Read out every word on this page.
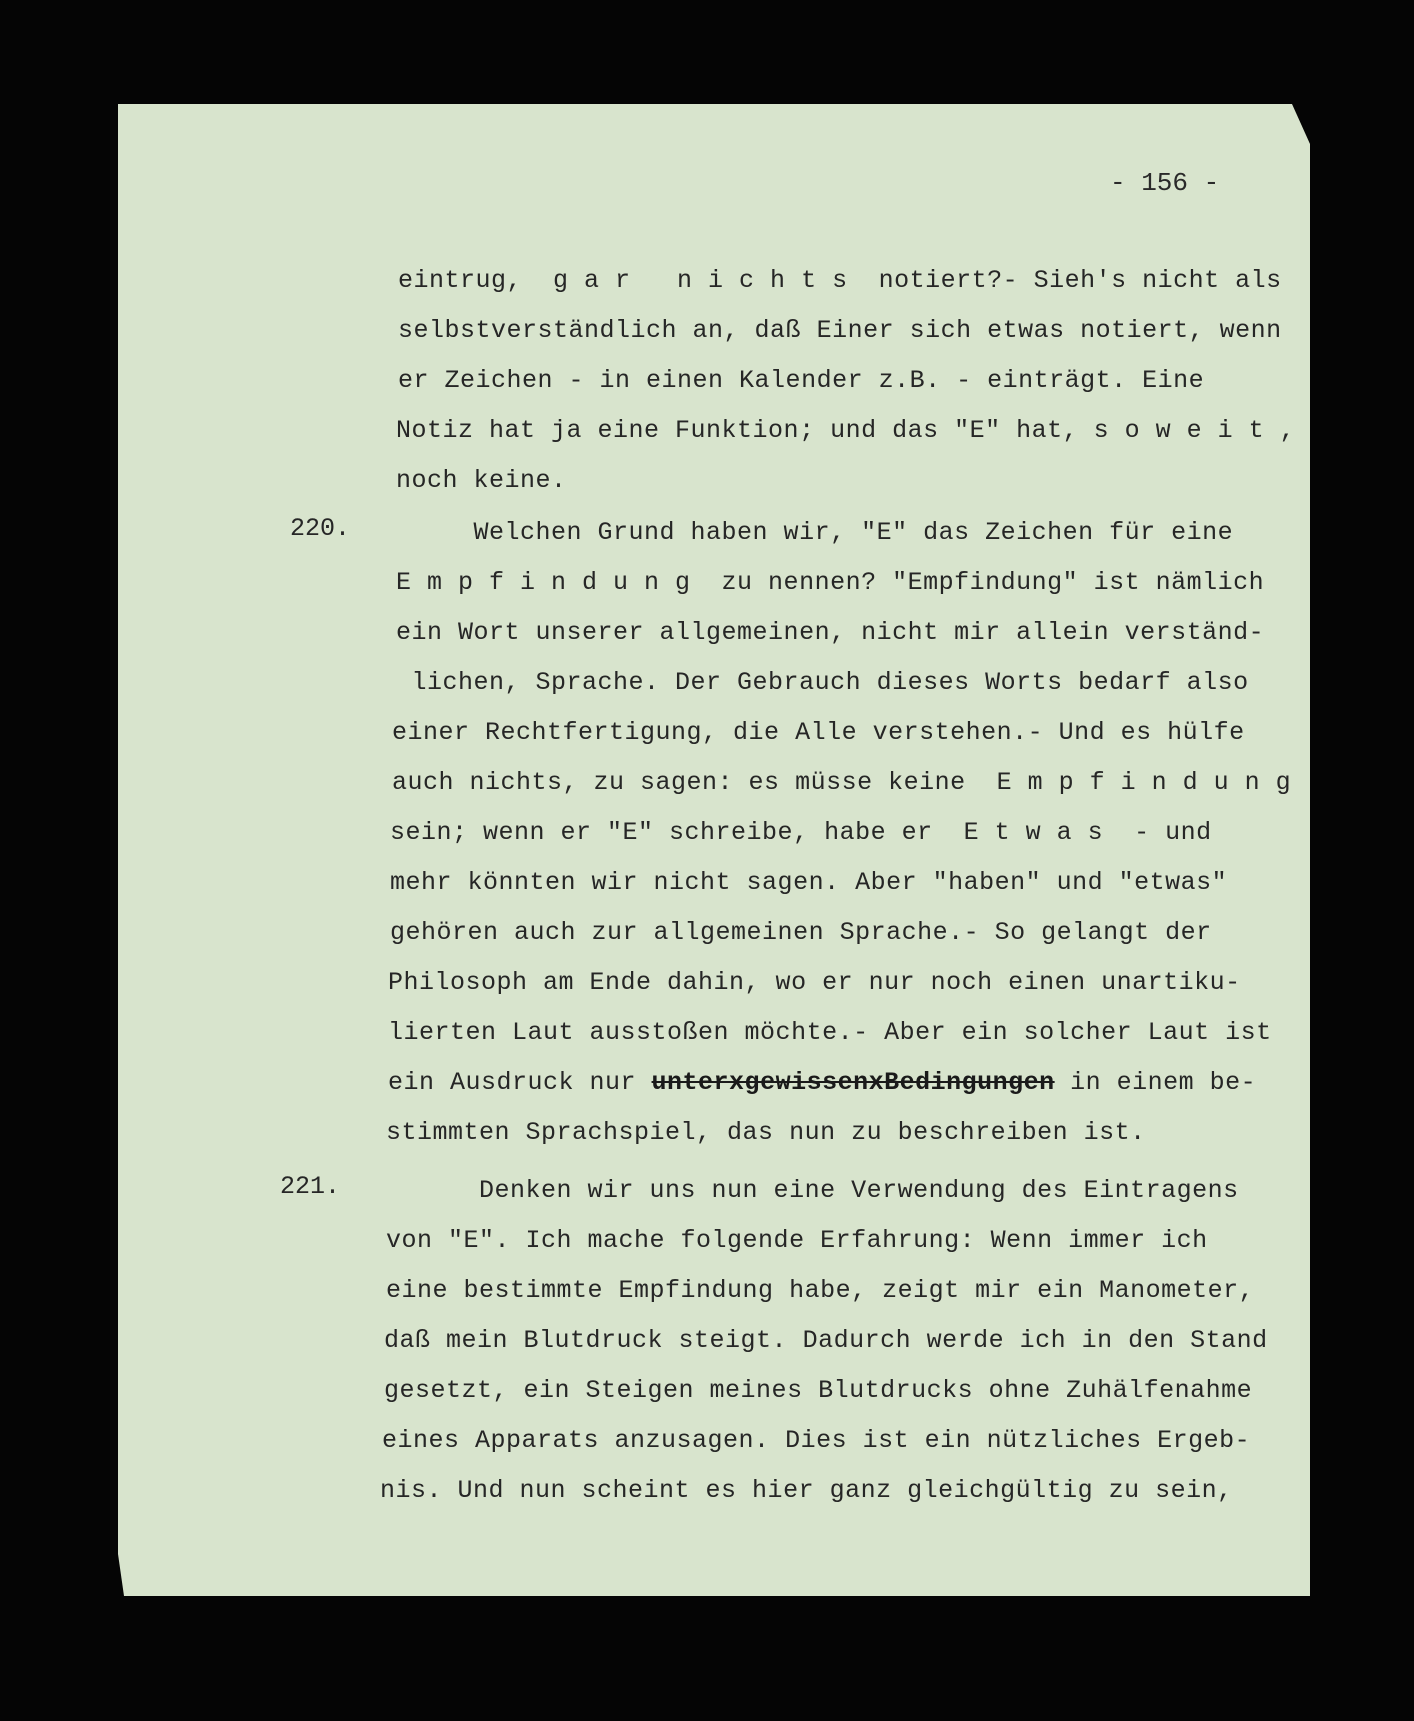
- 156 -
220.
221.
eintrug,  g a r   n i c h t s  notiert?- Sieh's nicht als
selbstverständlich an, daß Einer sich etwas notiert, wenn
er Zeichen - in einen Kalender z.B. - einträgt. Eine
Notiz hat ja eine Funktion; und das "E" hat, s o w e i t ,
noch keine.
Welchen Grund haben wir, "E" das Zeichen für eine
E m p f i n d u n g  zu nennen? "Empfindung" ist nämlich
ein Wort unserer allgemeinen, nicht mir allein verständ-
lichen, Sprache. Der Gebrauch dieses Worts bedarf also
einer Rechtfertigung, die Alle verstehen.- Und es hülfe
auch nichts, zu sagen: es müsse keine  E m p f i n d u n g
sein; wenn er "E" schreibe, habe er  E t w a s  - und
mehr könnten wir nicht sagen. Aber "haben" und "etwas"
gehören auch zur allgemeinen Sprache.- So gelangt der
Philosoph am Ende dahin, wo er nur noch einen unartiku-
lierten Laut ausstoßen möchte.- Aber ein solcher Laut ist
ein Ausdruck nur unterxgewissenxBedingungen in einem be-
stimmten Sprachspiel, das nun zu beschreiben ist.
Denken wir uns nun eine Verwendung des Eintragens
von "E". Ich mache folgende Erfahrung: Wenn immer ich
eine bestimmte Empfindung habe, zeigt mir ein Manometer,
daß mein Blutdruck steigt. Dadurch werde ich in den Stand
gesetzt, ein Steigen meines Blutdrucks ohne Zuhälfenahme
eines Apparats anzusagen. Dies ist ein nützliches Ergeb-
nis. Und nun scheint es hier ganz gleichgültig zu sein,
